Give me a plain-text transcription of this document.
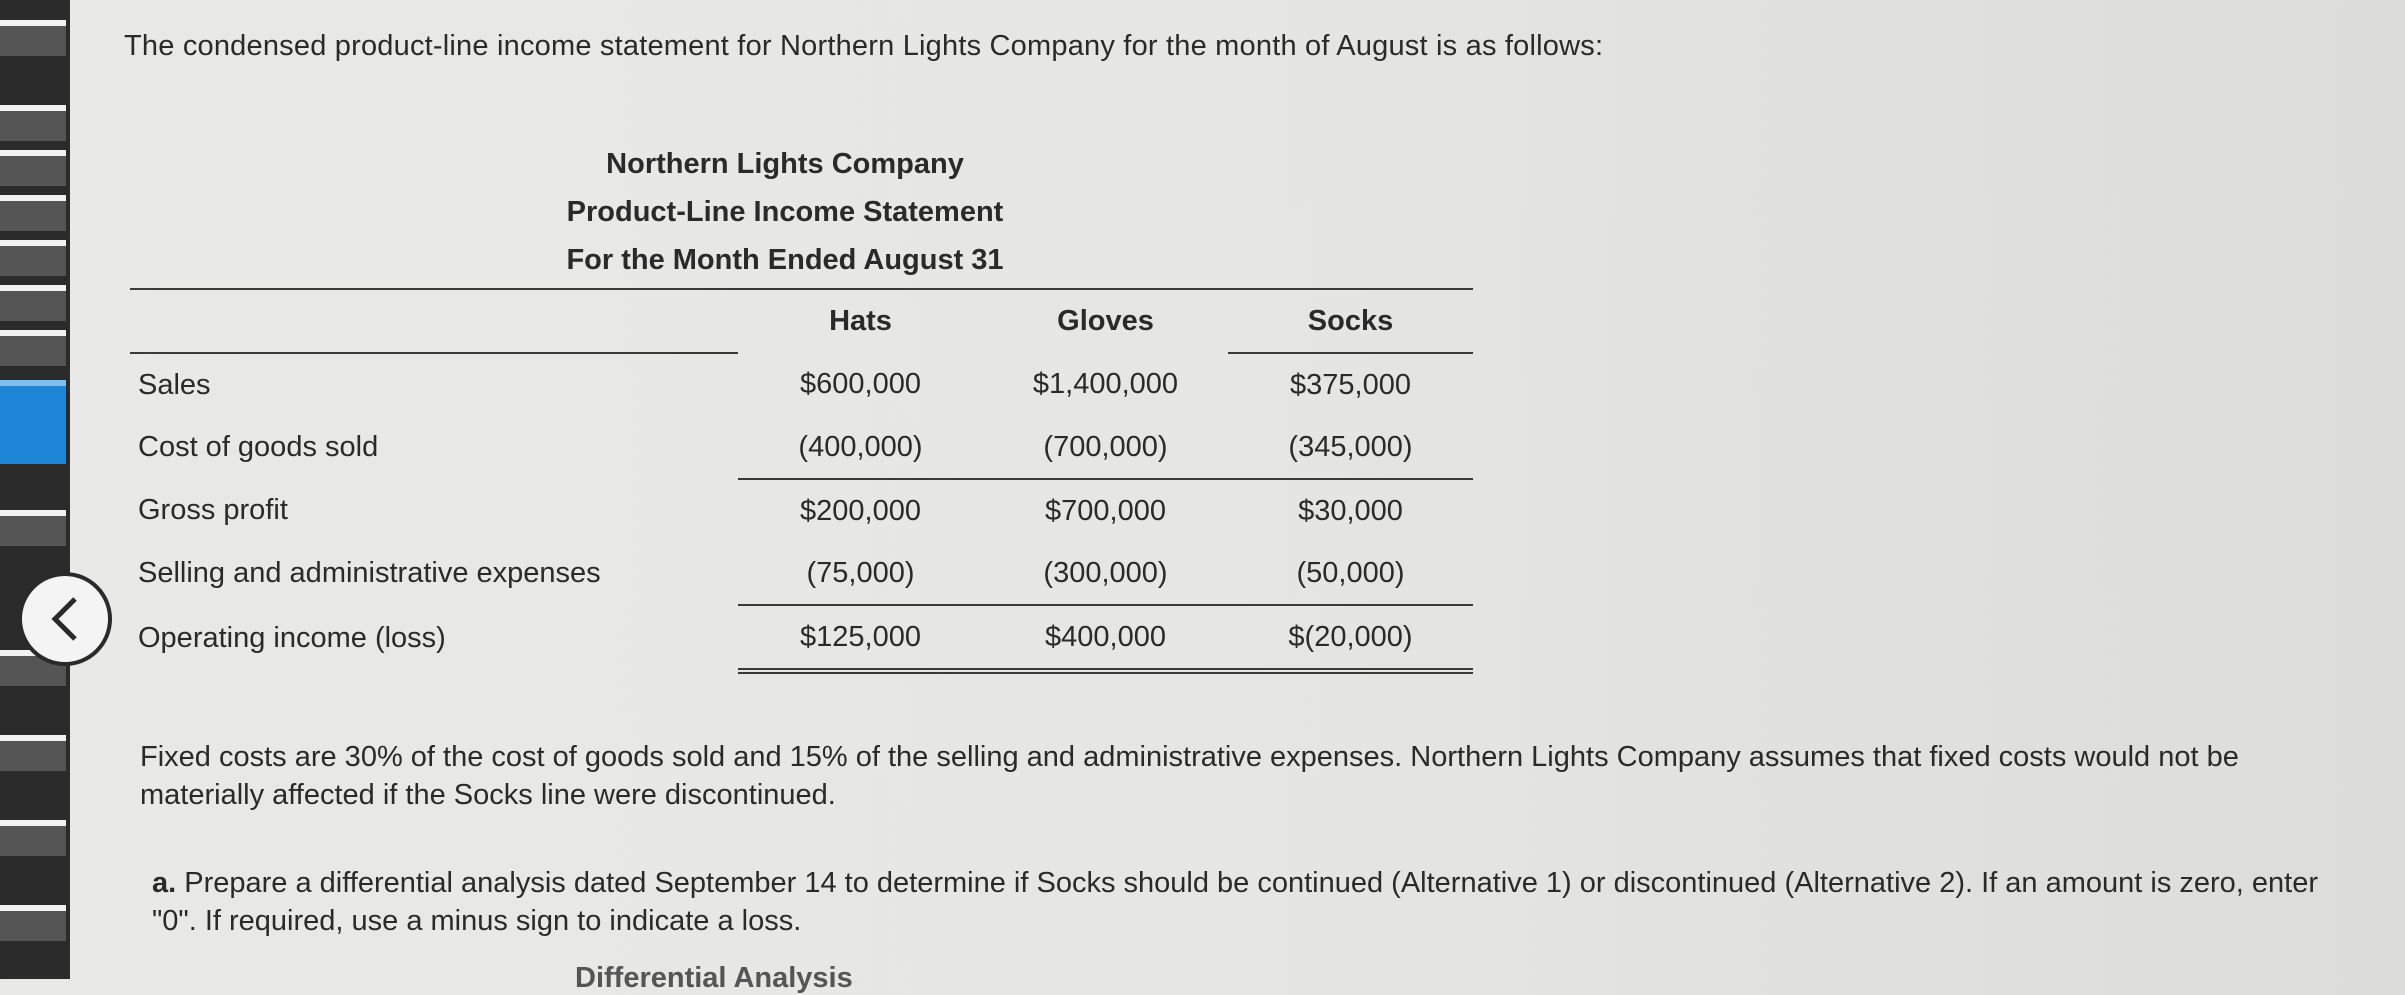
The condensed product-line income statement for Northern Lights Company for the month of August is as follows:
Northern Lights Company
Product-Line Income Statement
For the Month Ended August 31
	Hats	Gloves	Socks
Sales	$600,000	$1,400,000	$375,000
Cost of goods sold	(400,000)	(700,000)	(345,000)
Gross profit	$200,000	$700,000	$30,000
Selling and administrative expenses	(75,000)	(300,000)	(50,000)
Operating income (loss)	$125,000	$400,000	$(20,000)
Fixed costs are 30% of the cost of goods sold and 15% of the selling and administrative expenses. Northern Lights Company assumes that fixed costs would not be materially affected if the Socks line were discontinued.
a. Prepare a differential analysis dated September 14 to determine if Socks should be continued (Alternative 1) or discontinued (Alternative 2). If an amount is zero, enter "0". If required, use a minus sign to indicate a loss.
Differential Analysis
